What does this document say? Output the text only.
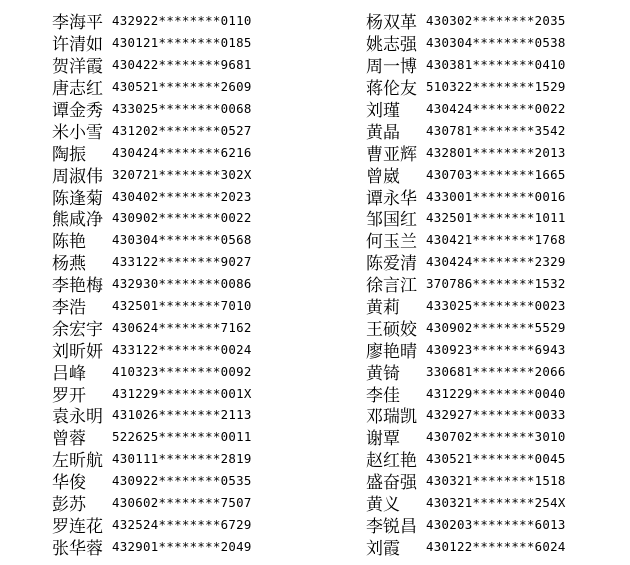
李海平 432922********0110
许清如 430121********0185
贺洋霞 430422********9681
唐志红 430521********2609
谭金秀 433025********0068
米小雪 431202********0527
陶振	430424********6216
周淑伟 320721********302X
陈逢菊 430402********2023
熊咸净 430902********0022
陈艳	430304********0568
杨燕	433122********9027
李艳梅 432930********0086
李浩	432501********7010
余宏宇 430624********7162
刘昕妍 433122********0024
吕峰	410323********0092
罗开	431229********001X
袁永明 431026********2113
曾蓉	522625********0011
左昕航 430111********2819
华俊	430922********0535
彭苏	430602********7507
罗连花 432524********6729
张华蓉 432901********2049
杨双革 430302********2035
姚志强 430304********0538
周一博 430381********0410
蒋伦友 510322********1529
刘瑾	430424********0022
黄晶	430781********3542
曹亚辉 432801********2013
曾崴	430703********1665
谭永华 433001********0016
邹国红 432501********1011
何玉兰 430421********1768
陈爱清 430424********2329
徐言江 370786********1532
黄莉	433025********0023
王硕姣 430902********5529
廖艳晴 430923********6943
黄锜	330681********2066
李佳	431229********0040
邓瑞凯 432927********0033
谢覃	430702********3010
赵红艳 430521********0045
盛奋强 430321********1518
黄义	430321********254X
李锐昌 430203********6013
刘霞	430122********6024
